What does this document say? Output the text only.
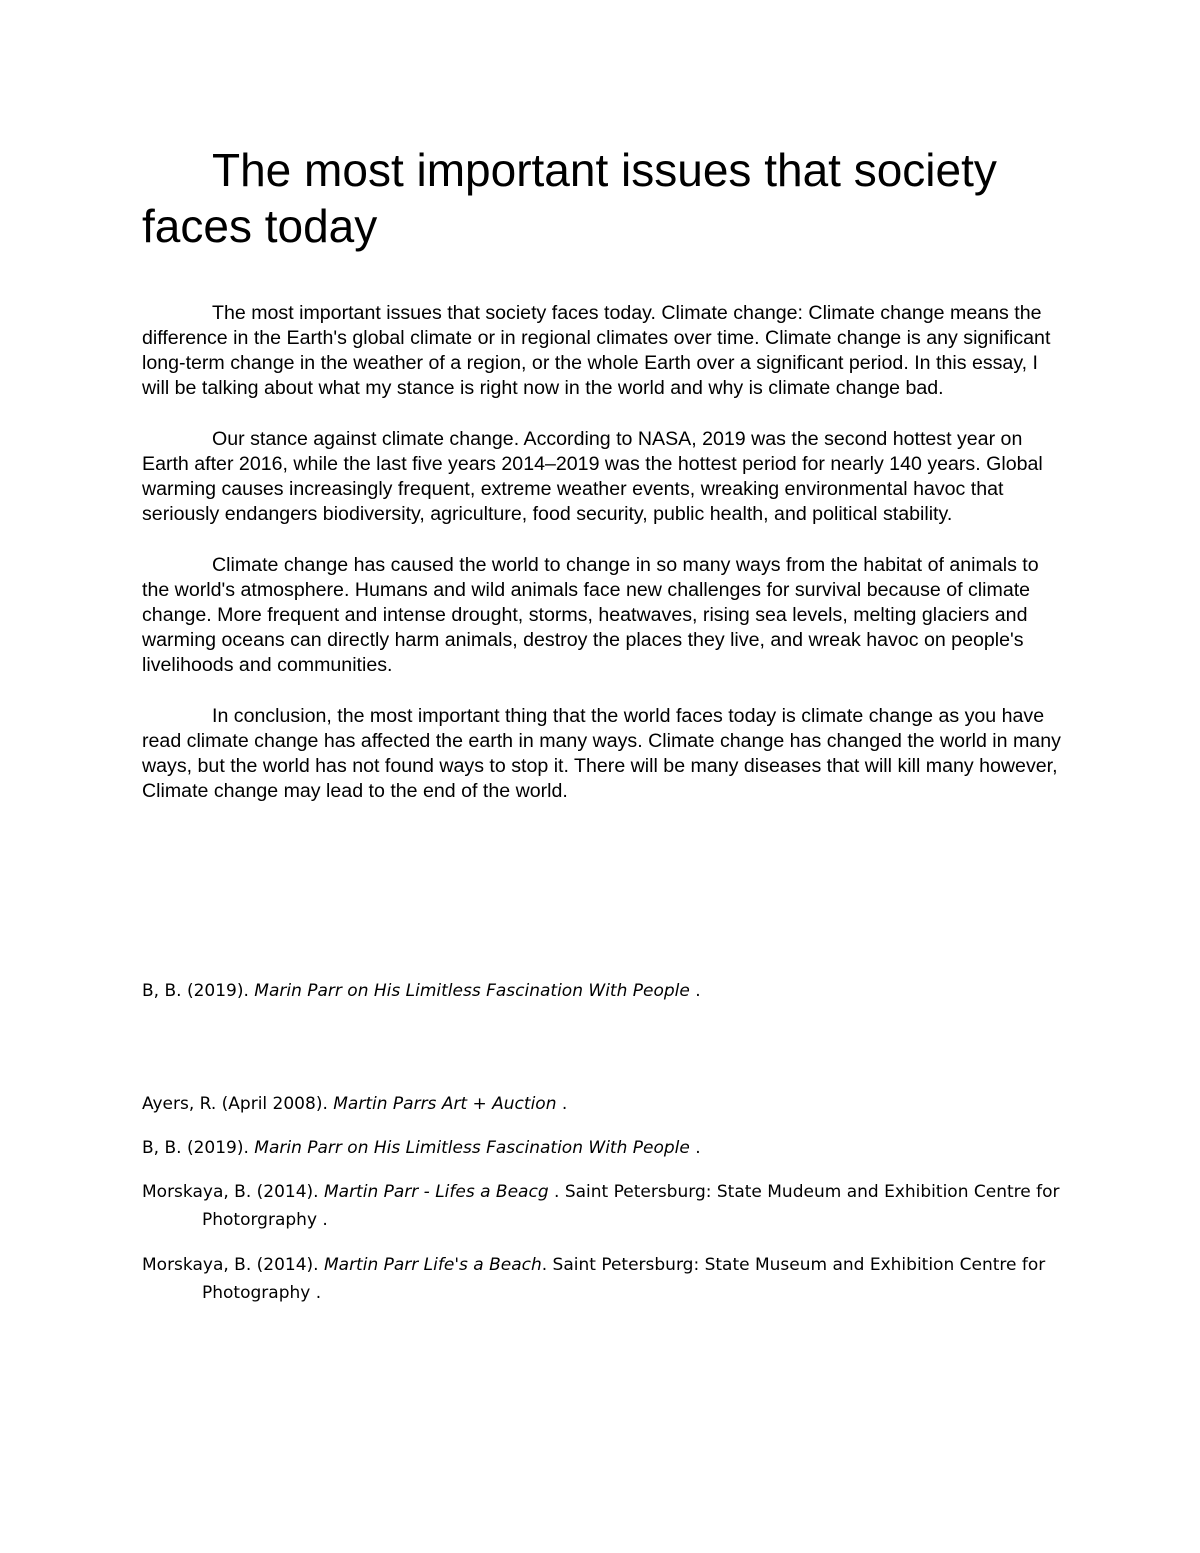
The most important issues that society faces today

The most important issues that society faces today. Climate change: Climate change means the difference in the Earth's global climate or in regional climates over time. Climate change is any significant long-term change in the weather of a region, or the whole Earth over a significant period. In this essay, I will be talking about what my stance is right now in the world and why is climate change bad.

Our stance against climate change. According to NASA, 2019 was the second hottest year on Earth after 2016, while the last five years 2014–2019 was the hottest period for nearly 140 years. Global warming causes increasingly frequent, extreme weather events, wreaking environmental havoc that seriously endangers biodiversity, agriculture, food security, public health, and political stability.

Climate change has caused the world to change in so many ways from the habitat of animals to the world's atmosphere. Humans and wild animals face new challenges for survival because of climate change. More frequent and intense drought, storms, heatwaves, rising sea levels, melting glaciers and warming oceans can directly harm animals, destroy the places they live, and wreak havoc on people's livelihoods and communities.

In conclusion, the most important thing that the world faces today is climate change as you have read climate change has affected the earth in many ways. Climate change has changed the world in many ways, but the world has not found ways to stop it. There will be many diseases that will kill many however, Climate change may lead to the end of the world.

B, B. (2019). Marin Parr on His Limitless Fascination With People .

Ayers, R. (April 2008). Martin Parrs Art + Auction .

B, B. (2019). Marin Parr on His Limitless Fascination With People .

Morskaya, B. (2014). Martin Parr - Lifes a Beacg . Saint Petersburg: State Mudeum and Exhibition Centre for Photorgraphy .

Morskaya, B. (2014). Martin Parr Life's a Beach. Saint Petersburg: State Museum and Exhibition Centre for Photography .
